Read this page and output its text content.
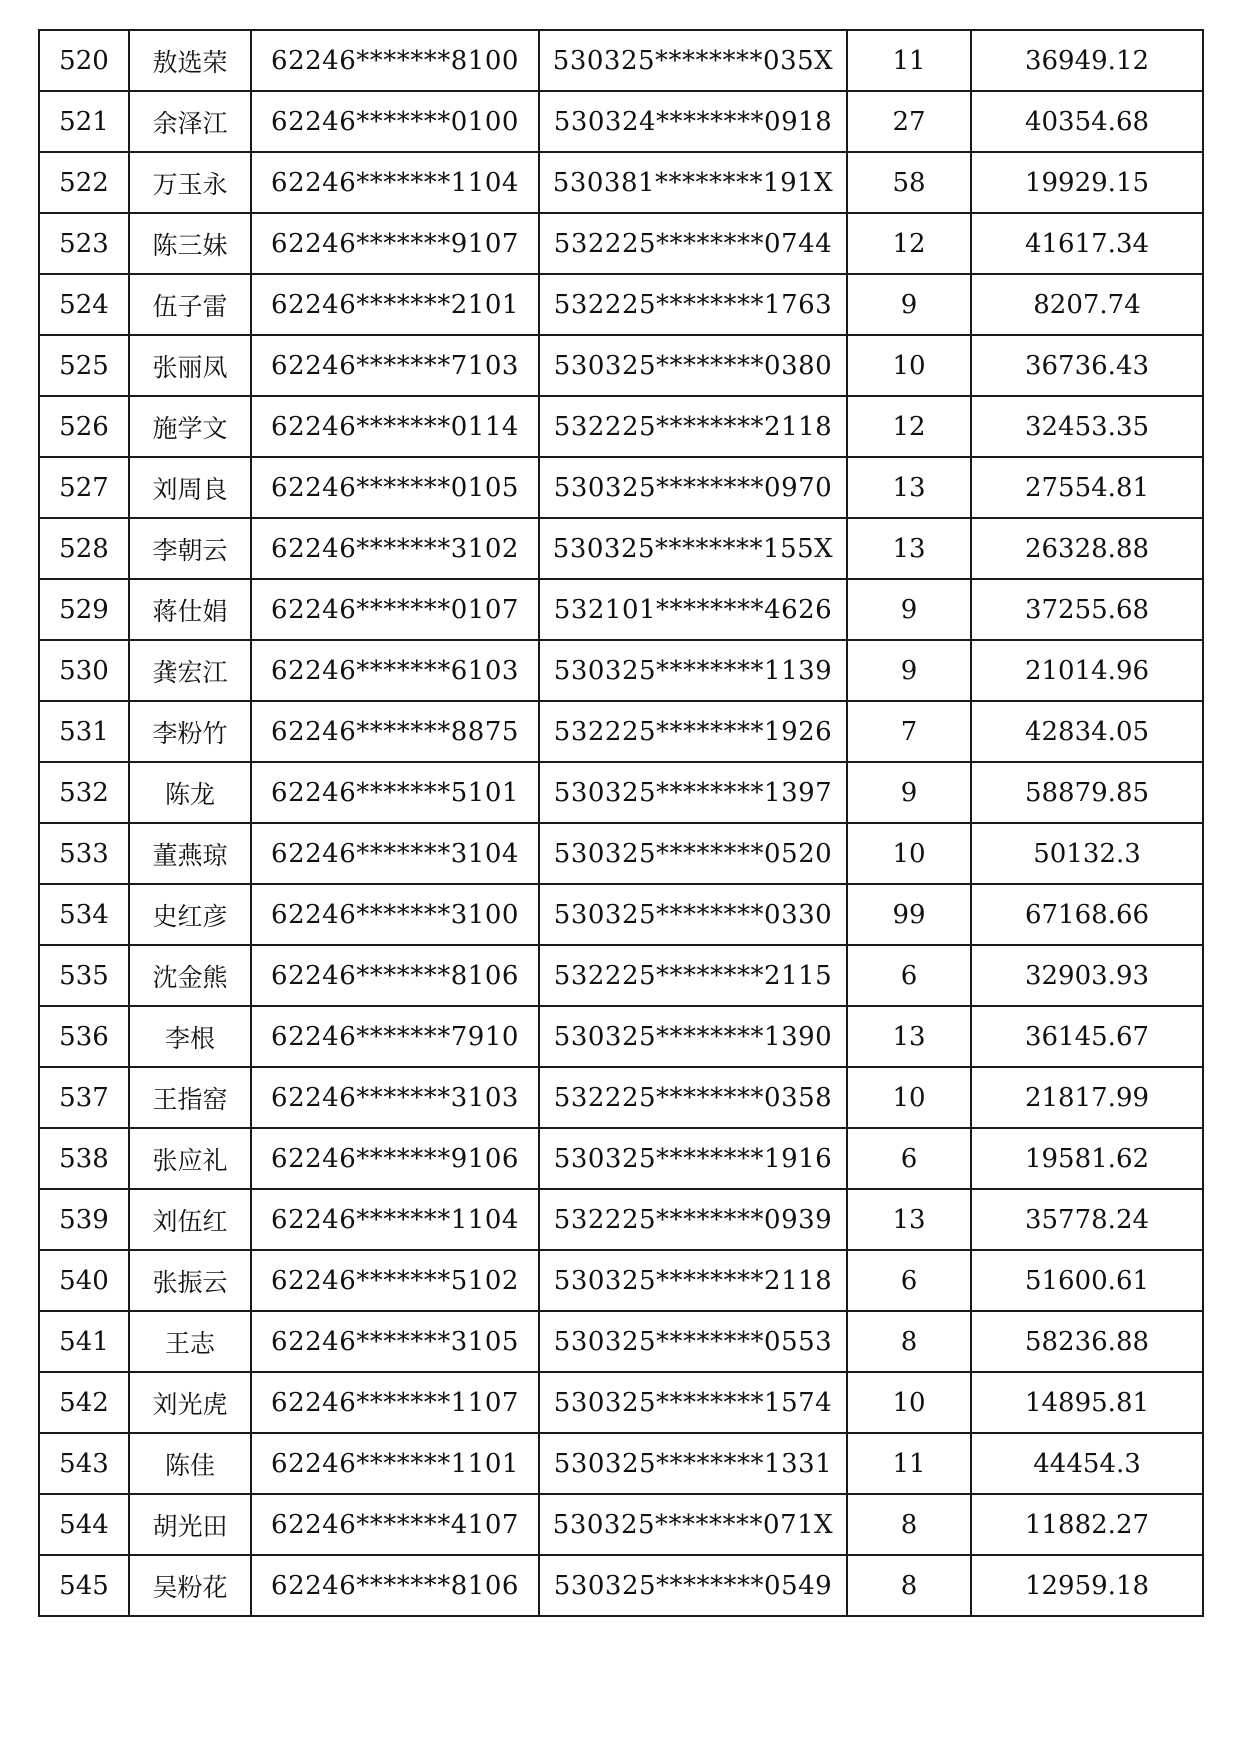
520	敖选荣	62246*******8100	530325********035X	11	36949.12
521	余泽江	62246*******0100	530324********0918	27	40354.68
522	万玉永	62246*******1104	530381********191X	58	19929.15
523	陈三妹	62246*******9107	532225********0744	12	41617.34
524	伍子雷	62246*******2101	532225********1763	9	8207.74
525	张丽凤	62246*******7103	530325********0380	10	36736.43
526	施学文	62246*******0114	532225********2118	12	32453.35
527	刘周良	62246*******0105	530325********0970	13	27554.81
528	李朝云	62246*******3102	530325********155X	13	26328.88
529	蒋仕娟	62246*******0107	532101********4626	9	37255.68
530	龚宏江	62246*******6103	530325********1139	9	21014.96
531	李粉竹	62246*******8875	532225********1926	7	42834.05
532	陈龙	62246*******5101	530325********1397	9	58879.85
533	董燕琼	62246*******3104	530325********0520	10	50132.3
534	史红彦	62246*******3100	530325********0330	99	67168.66
535	沈金熊	62246*******8106	532225********2115	6	32903.93
536	李根	62246*******7910	530325********1390	13	36145.67
537	王指窑	62246*******3103	532225********0358	10	21817.99
538	张应礼	62246*******9106	530325********1916	6	19581.62
539	刘伍红	62246*******1104	532225********0939	13	35778.24
540	张振云	62246*******5102	530325********2118	6	51600.61
541	王志	62246*******3105	530325********0553	8	58236.88
542	刘光虎	62246*******1107	530325********1574	10	14895.81
543	陈佳	62246*******1101	530325********1331	11	44454.3
544	胡光田	62246*******4107	530325********071X	8	11882.27
545	吴粉花	62246*******8106	530325********0549	8	12959.18
